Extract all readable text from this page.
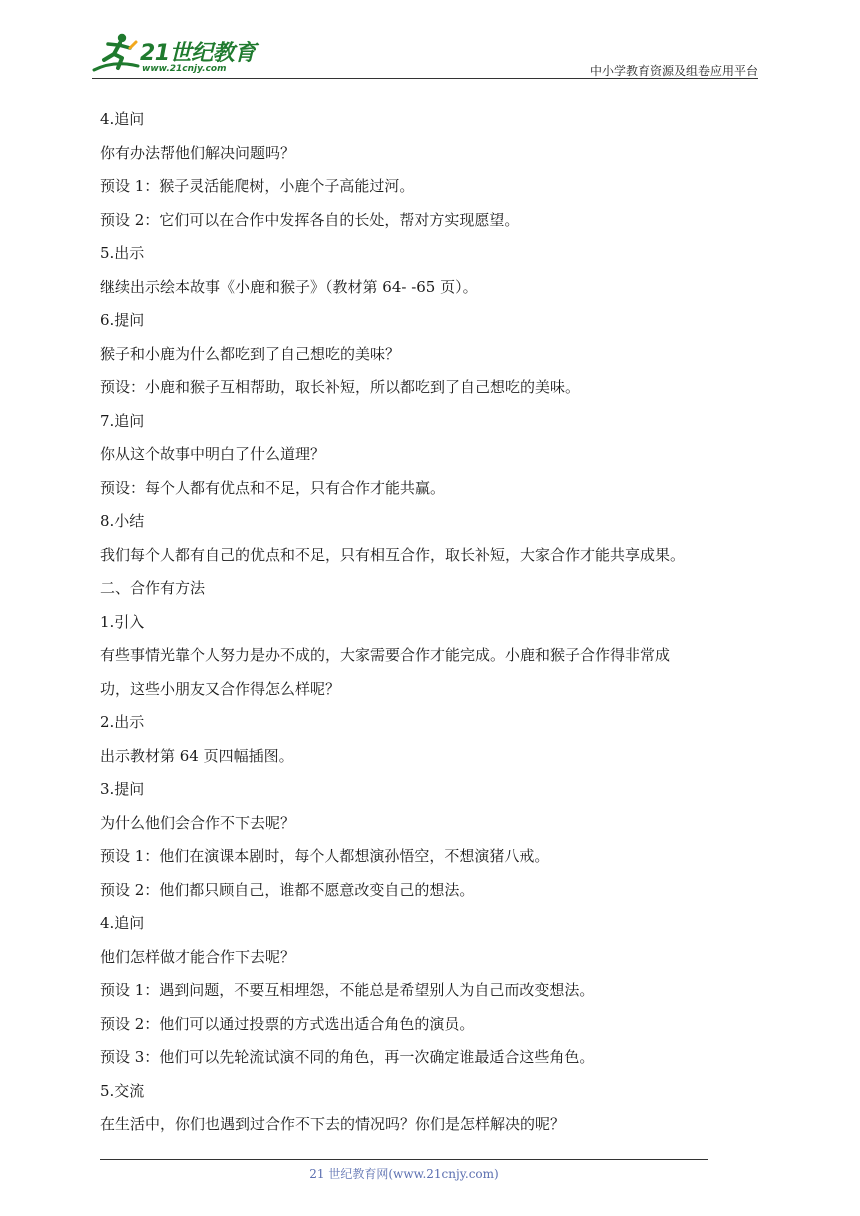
21世纪教育
www.21cnjy.com	中小学教育资源及组卷应用平台
4.追问
你有办法帮他们解决问题吗？
预设 1：猴子灵活能爬树，小鹿个子高能过河。
预设 2：它们可以在合作中发挥各自的长处，帮对方实现愿望。
5.出示
继续出示绘本故事《小鹿和猴子》（教材第 64- -65 页）。
6.提问
猴子和小鹿为什么都吃到了自己想吃的美味？
预设：小鹿和猴子互相帮助，取长补短，所以都吃到了自己想吃的美味。
7.追问
你从这个故事中明白了什么道理？
预设：每个人都有优点和不足，只有合作才能共赢。
8.小结
我们每个人都有自己的优点和不足，只有相互合作，取长补短，大家合作才能共享成果。
二、合作有方法
1.引入
有些事情光靠个人努力是办不成的，大家需要合作才能完成。小鹿和猴子合作得非常成
功，这些小朋友又合作得怎么样呢？
2.出示
出示教材第 64 页四幅插图。
3.提问
为什么他们会合作不下去呢？
预设 1：他们在演课本剧时，每个人都想演孙悟空，不想演猪八戒。
预设 2：他们都只顾自己，谁都不愿意改变自己的想法。
4.追问
他们怎样做才能合作下去呢？
预设 1：遇到问题，不要互相埋怨，不能总是希望别人为自己而改变想法。
预设 2：他们可以通过投票的方式选出适合角色的演员。
预设 3：他们可以先轮流试演不同的角色，再一次确定谁最适合这些角色。
5.交流
在生活中，你们也遇到过合作不下去的情况吗？你们是怎样解决的呢？
21 世纪教育网(www.21cnjy.com)
